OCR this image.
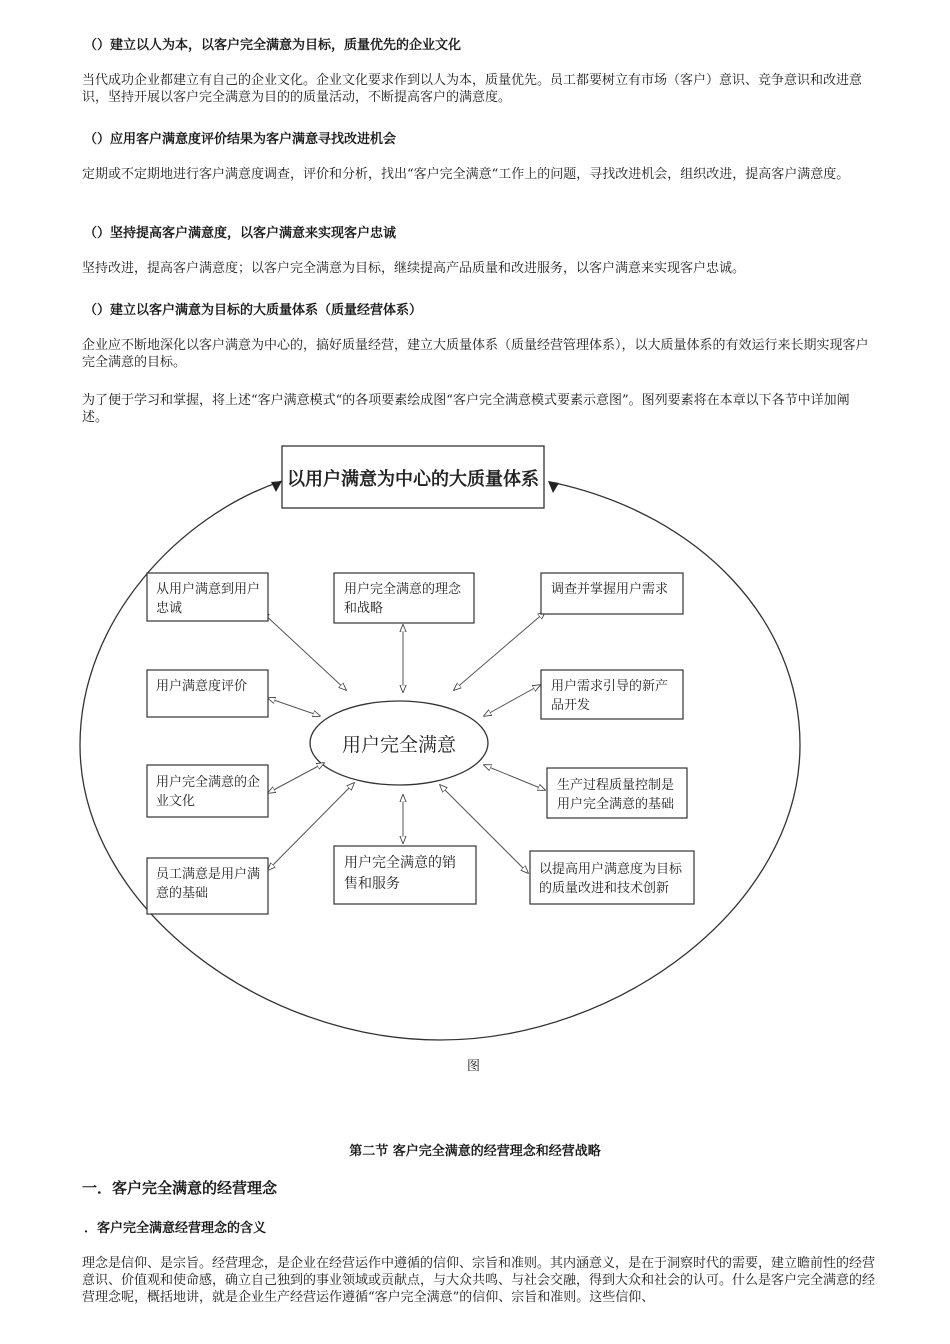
（）建立以人为本，以客户完全满意为目标，质量优先的企业文化
当代成功企业都建立有自己的企业文化。企业文化要求作到以人为本，质量优先。员工都要树立有市场（客户）意识、竞争意识和改进意识，坚持开展以客户完全满意为目的的质量活动，不断提高客户的满意度。
（）应用客户满意度评价结果为客户满意寻找改进机会
定期或不定期地进行客户满意度调查，评价和分析，找出“客户完全满意“工作上的问题，寻找改进机会，组织改进，提高客户满意度。
（）坚持提高客户满意度，以客户满意来实现客户忠诚
坚持改进，提高客户满意度；以客户完全满意为目标，继续提高产品质量和改进服务，以客户满意来实现客户忠诚。
（）建立以客户满意为目标的大质量体系（质量经营体系）
企业应不断地深化以客户满意为中心的，搞好质量经营，建立大质量体系（质量经营管理体系），以大质量体系的有效运行来长期实现客户完全满意的目标。
为了便于学习和掌握，将上述“客户满意模式“的各项要素绘成图“客户完全满意模式要素示意图”。图列要素将在本章以下各节中详加阐述。
以用户满意为中心的大质量体系
用户完全满意
从用户满意到用户
忠诚
用户完全满意的理念
和战略
调查并掌握用户需求
用户满意度评价	用户需求引导的新产
品开发
用户完全满意的企
业文化
生产过程质量控制是
用户完全满意的基础
员工满意是用户满
意的基础
用户完全满意的销
售和服务
以提高用户满意度为目标
的质量改进和技术创新
图
第二节 客户完全满意的经营理念和经营战略
一．客户完全满意的经营理念
．客户完全满意经营理念的含义
理念是信仰、是宗旨。经营理念，是企业在经营运作中遵循的信仰、宗旨和准则。其内涵意义，是在于洞察时代的需要，建立瞻前性的经营意识、价值观和使命感，确立自己独到的事业领域或贡献点，与大众共鸣、与社会交融，得到大众和社会的认可。什么是客户完全满意的经营理念呢，概括地讲，就是企业生产经营运作遵循“客户完全满意”的信仰、宗旨和准则。这些信仰、
